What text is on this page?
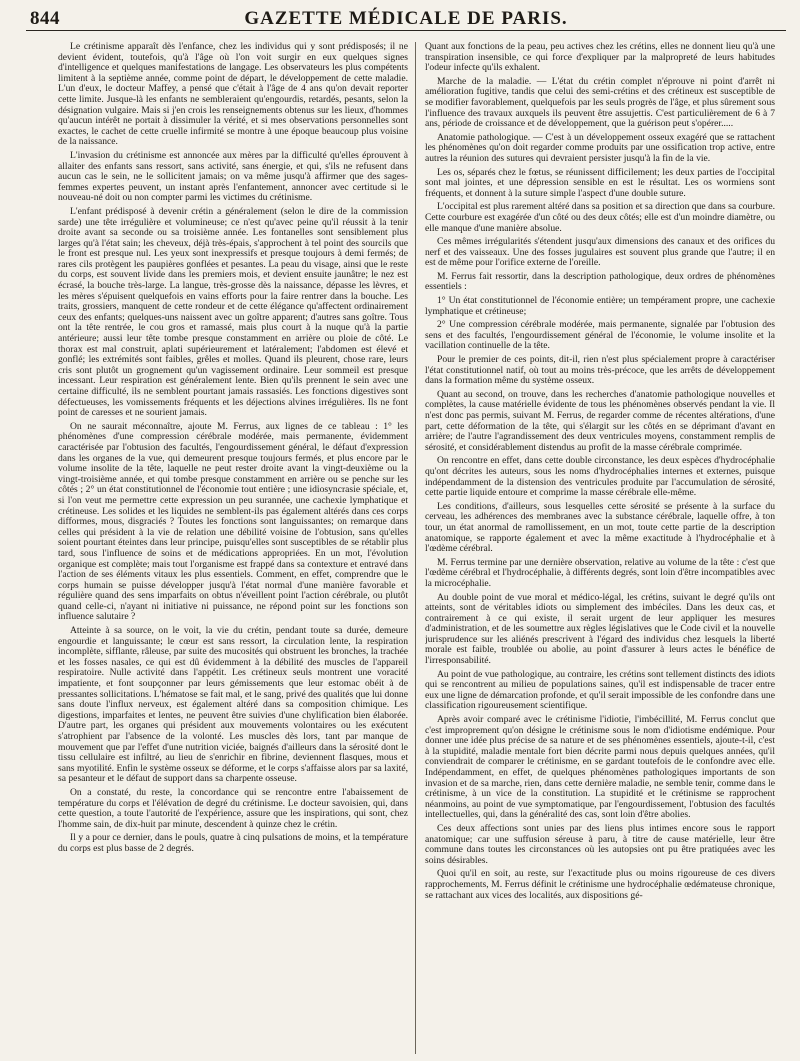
844	GAZETTE MÉDICALE DE PARIS.

Le crétinisme apparaît dès l'enfance, chez les individus qui y sont prédisposés; il ne devient évident, toutefois, qu'à l'âge où l'on voit surgir en eux quelques signes d'intelligence et quelques manifestations de langage. Les observateurs les plus compétents limitent à la septième année, comme point de départ, le développement de cette maladie. L'un d'eux, le docteur Maffey, a pensé que c'était à l'âge de 4 ans qu'on devait reporter cette limite. Jusque-là les enfants ne sembleraient qu'engourdis, retardés, pesants, selon la désignation vulgaire. Mais si j'en crois les renseignements obtenus sur les lieux, d'hommes qu'aucun intérêt ne portait à dissimuler la vérité, et si mes observations personnelles sont exactes, le cachet de cette cruelle infirmité se montre à une époque beaucoup plus voisine de la naissance.

L'invasion du crétinisme est annoncée aux mères par la difficulté qu'elles éprouvent à allaiter des enfants sans ressort, sans activité, sans énergie, et qui, s'ils ne refusent dans aucun cas le sein, ne le sollicitent jamais; on va même jusqu'à affirmer que des sages-femmes expertes peuvent, un instant après l'enfantement, annoncer avec certitude si le nouveau-né doit ou non compter parmi les victimes du crétinisme.

L'enfant prédisposé à devenir crétin a généralement (selon le dire de la commission sarde) une tête irrégulière et volumineuse; ce n'est qu'avec peine qu'il réussit à la tenir droite avant sa seconde ou sa troisième année. Les fontanelles sont sensiblement plus larges qu'à l'état sain; les cheveux, déjà très-épais, s'approchent à tel point des sourcils que le front est presque nul. Les yeux sont inexpressifs et presque toujours à demi fermés; de rares cils protègent les paupières gonflées et pesantes. La peau du visage, ainsi que le reste du corps, est souvent livide dans les premiers mois, et devient ensuite jaunâtre; le nez est écrasé, la bouche très-large. La langue, très-grosse dès la naissance, dépasse les lèvres, et les mères s'épuisent quelquefois en vains efforts pour la faire rentrer dans la bouche. Les traits, grossiers, manquent de cette rondeur et de cette élégance qu'affectent ordinairement ceux des enfants; quelques-uns naissent avec un goître apparent; d'autres sans goître. Tous ont la tête rentrée, le cou gros et ramassé, mais plus court à la nuque qu'à la partie antérieure; aussi leur tête tombe presque constamment en arrière ou ploie de côté. Le thorax est mal construit, aplati supérieurement et latéralement; l'abdomen est élevé et gonflé; les extrémités sont faibles, grêles et molles. Quand ils pleurent, chose rare, leurs cris sont plutôt un grognement qu'un vagissement ordinaire. Leur sommeil est presque incessant. Leur respiration est généralement lente. Bien qu'ils prennent le sein avec une certaine difficulté, ils ne semblent pourtant jamais rassasiés. Les fonctions digestives sont défectueuses, les vomissements fréquents et les déjections alvines irrégulières. Ils ne font point de caresses et ne sourient jamais.

On ne saurait méconnaître, ajoute M. Ferrus, aux lignes de ce tableau : 1° les phénomènes d'une compression cérébrale modérée, mais permanente, évidemment caractérisée par l'obtusion des facultés, l'engourdissement général, le défaut d'expression dans les organes de la vue, qui demeurent presque toujours fermés, et plus encore par le volume insolite de la tête, laquelle ne peut rester droite avant la vingt-deuxième ou la vingt-troisième année, et qui tombe presque constamment en arrière ou se penche sur les côtés ; 2° un état constitutionnel de l'économie tout entière ; une idiosyncrasie spéciale, et, si l'on veut me permettre cette expression un peu surannée, une cachexie lymphatique et crétineuse. Les solides et les liquides ne semblent-ils pas également altérés dans ces corps difformes, mous, disgraciés ? Toutes les fonctions sont languissantes; on remarque dans celles qui président à la vie de relation une débilité voisine de l'obtusion, sans qu'elles soient pourtant éteintes dans leur principe, puisqu'elles sont susceptibles de se rétablir plus tard, sous l'influence de soins et de médications appropriées. En un mot, l'évolution organique est complète; mais tout l'organisme est frappé dans sa contexture et entravé dans l'action de ses éléments vitaux les plus essentiels. Comment, en effet, comprendre que le corps humain se puisse développer jusqu'à l'état normal d'une manière favorable et régulière quand des sens imparfaits on obtus n'éveillent point l'action cérébrale, ou plutôt quand celle-ci, n'ayant ni initiative ni puissance, ne répond point sur les fonctions son influence salutaire ?

Atteinte à sa source, on le voit, la vie du crétin, pendant toute sa durée, demeure engourdie et languissante; le cœur est sans ressort, la circulation lente, la respiration incomplète, sifflante, râleuse, par suite des mucosités qui obstruent les bronches, la trachée et les fosses nasales, ce qui est dû évidemment à la débilité des muscles de l'appareil respiratoire. Nulle activité dans l'appétit. Les crétineux seuls montrent une voracité impatiente, et font soupçonner par leurs gémissements que leur estomac obéit à de pressantes sollicitations. L'hématose se fait mal, et le sang, privé des qualités que lui donne sans doute l'influx nerveux, est également altéré dans sa composition chimique. Les digestions, imparfaites et lentes, ne peuvent être suivies d'une chylification bien élaborée. D'autre part, les organes qui président aux mouvements volontaires ou les exécutent s'atrophient par l'absence de la volonté. Les muscles dès lors, tant par manque de mouvement que par l'effet d'une nutrition viciée, baignés d'ailleurs dans la sérosité dont le tissu cellulaire est infiltré, au lieu de s'enrichir en fibrine, deviennent flasques, mous et sans myotilité. Enfin le système osseux se déforme, et le corps s'affaisse alors par sa laxité, sa pesanteur et le défaut de support dans sa charpente osseuse.

On a constaté, du reste, la concordance qui se rencontre entre l'abaissement de température du corps et l'élévation de degré du crétinisme. Le docteur savoisien, qui, dans cette question, a toute l'autorité de l'expérience, assure que les inspirations, qui sont, chez l'homme sain, de dix-huit par minute, descendent à quinze chez le crétin.

Il y a pour ce dernier, dans le pouls, quatre à cinq pulsations de moins, et la température du corps est plus basse de 2 degrés.

Quant aux fonctions de la peau, peu actives chez les crétins, elles ne donnent lieu qu'à une transpiration insensible, ce qui force d'expliquer par la malpropreté de leurs habitudes l'odeur infecte qu'ils exhalent.

Marche de la maladie. — L'état du crétin complet n'éprouve ni point d'arrêt ni amélioration fugitive, tandis que celui des semi-crétins et des crétineux est susceptible de se modifier favorablement, quelquefois par les seuls progrès de l'âge, et plus sûrement sous l'influence des travaux auxquels ils peuvent être assujettis. C'est particulièrement de 6 à 7 ans, période de croissance et de développement, que la guérison peut s'opérer.....

Anatomie pathologique. — C'est à un développement osseux exagéré que se rattachent les phénomènes qu'on doit regarder comme produits par une ossification trop active, entre autres la réunion des sutures qui devraient persister jusqu'à la fin de la vie.

Les os, séparés chez le fœtus, se réunissent difficilement; les deux parties de l'occipital sont mal jointes, et une dépression sensible en est le résultat. Les os wormiens sont fréquents, et donnent à la suture simple l'aspect d'une double suture.

L'occipital est plus rarement altéré dans sa position et sa direction que dans sa courbure. Cette courbure est exagérée d'un côté ou des deux côtés; elle est d'un moindre diamètre, ou elle manque d'une manière absolue.

Ces mêmes irrégularités s'étendent jusqu'aux dimensions des canaux et des orifices du nerf et des vaisseaux. Une des fosses jugulaires est souvent plus grande que l'autre; il en est de même pour l'orifice externe de l'oreille.

M. Ferrus fait ressortir, dans la description pathologique, deux ordres de phénomènes essentiels :

1° Un état constitutionnel de l'économie entière; un tempérament propre, une cachexie lymphatique et crétineuse;

2° Une compression cérébrale modérée, mais permanente, signalée par l'obtusion des sens et des facultés, l'engourdissement général de l'économie, le volume insolite et la vacillation continuelle de la tête.

Pour le premier de ces points, dit-il, rien n'est plus spécialement propre à caractériser l'état constitutionnel natif, où tout au moins très-précoce, que les arrêts de développement dans la formation même du système osseux.

Quant au second, on trouve, dans les recherches d'anatomie pathologique nouvelles et complètes, la cause matérielle évidente de tous les phénomènes observés pendant la vie. Il n'est donc pas permis, suivant M. Ferrus, de regarder comme de récentes altérations, d'une part, cette déformation de la tête, qui s'élargit sur les côtés en se déprimant d'avant en arrière; de l'autre l'agrandissement des deux ventricules moyens, constamment remplis de sérosité, et considérablement distendus au profit de la masse cérébrale comprimée.

On rencontre en effet, dans cette double circonstance, les deux espèces d'hydrocéphalie qu'ont décrites les auteurs, sous les noms d'hydrocéphalies internes et externes, puisque indépendamment de la distension des ventricules produite par l'accumulation de sérosité, cette partie liquide entoure et comprime la masse cérébrale elle-même.

Les conditions, d'ailleurs, sous lesquelles cette sérosité se présente à la surface du cerveau, les adhérences des membranes avec la substance cérébrale, laquelle offre, à ton tour, un état anormal de ramollissement, en un mot, toute cette partie de la description anatomique, se rapporte également et avec la même exactitude à l'hydrocéphalie et à l'œdème cérébral.

M. Ferrus termine par une dernière observation, relative au volume de la tête : c'est que l'œdème cérébral et l'hydrocéphalie, à différents degrés, sont loin d'être incompatibles avec la microcéphalie.

Au double point de vue moral et médico-légal, les crétins, suivant le degré qu'ils ont atteints, sont de véritables idiots ou simplement des imbéciles. Dans les deux cas, et contrairement à ce qui existe, il serait urgent de leur appliquer les mesures d'administration, et de les soumettre aux règles législatives que le Code civil et la nouvelle jurisprudence sur les aliénés prescrivent à l'égard des individus chez lesquels la liberté morale est faible, troublée ou abolie, au point d'assurer à leurs actes le bénéfice de l'irresponsabilité.

Au point de vue pathologique, au contraire, les crétins sont tellement distincts des idiots qui se rencontrent au milieu de populations saines, qu'il est indispensable de tracer entre eux une ligne de démarcation profonde, et qu'il serait impossible de les confondre dans une classification rigoureusement scientifique.

Après avoir comparé avec le crétinisme l'idiotie, l'imbécillité, M. Ferrus conclut que c'est improprement qu'on désigne le crétinisme sous le nom d'idiotisme endémique. Pour donner une idée plus précise de sa nature et de ses phénomènes essentiels, ajoute-t-il, c'est à la stupidité, maladie mentale fort bien décrite parmi nous depuis quelques années, qu'il conviendrait de comparer le crétinisme, en se gardant toutefois de le confondre avec elle. Indépendamment, en effet, de quelques phénomènes pathologiques importants de son invasion et de sa marche, rien, dans cette dernière maladie, ne semble tenir, comme dans le crétinisme, à un vice de la constitution. La stupidité et le crétinisme se rapprochent néanmoins, au point de vue symptomatique, par l'engourdissement, l'obtusion des facultés intellectuelles, qui, dans la généralité des cas, sont loin d'être abolies.

Ces deux affections sont unies par des liens plus intimes encore sous le rapport anatomique; car une suffusion séreuse à paru, à titre de cause matérielle, leur être commune dans toutes les circonstances où les autopsies ont pu être pratiquées avec les soins désirables.

Quoi qu'il en soit, au reste, sur l'exactitude plus ou moins rigoureuse de ces divers rapprochements, M. Ferrus définit le crétinisme une hydrocéphalie œdémateuse chronique, se rattachant aux vices des localités, aux dispositions gé-
